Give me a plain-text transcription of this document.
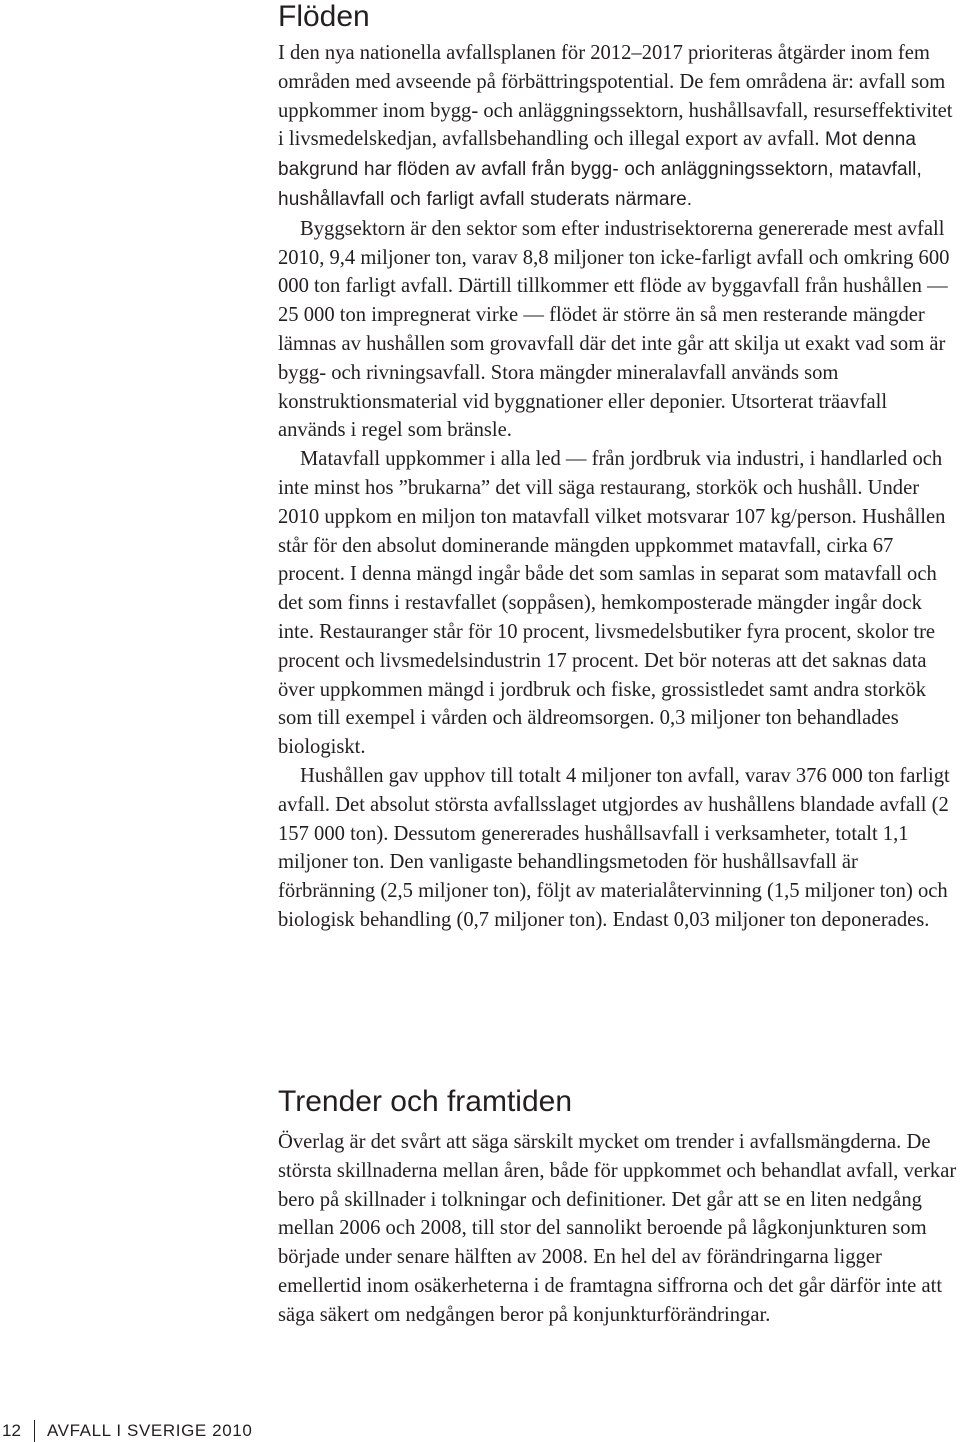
Flöden

I den nya nationella avfallsplanen för 2012–2017 prioriteras åtgärder inom fem områden med avseende på förbättringspotential. De fem områdena är: avfall som uppkommer inom bygg- och anläggningssektorn, hushållsavfall, resurseffektivitet i livsmedelskedjan, avfallsbehandling och illegal export av avfall. Mot denna bakgrund har flöden av avfall från bygg- och anläggningssektorn, matavfall, hushållavfall och farligt avfall studerats närmare.

Byggsektorn är den sektor som efter industrisektorerna genererade mest avfall 2010, 9,4 miljoner ton, varav 8,8 miljoner ton icke-farligt avfall och omkring 600 000 ton farligt avfall. Därtill tillkommer ett flöde av byggavfall från hushållen — 25 000 ton impregnerat virke — flödet är större än så men resterande mängder lämnas av hushållen som grovavfall där det inte går att skilja ut exakt vad som är bygg- och rivningsavfall. Stora mängder mineralavfall används som konstruktionsmaterial vid byggnationer eller deponier. Utsorterat träavfall används i regel som bränsle.

Matavfall uppkommer i alla led — från jordbruk via industri, i handlarled och inte minst hos ”brukarna” det vill säga restaurang, storkök och hushåll. Under 2010 uppkom en miljon ton matavfall vilket motsvarar 107 kg/person. Hushållen står för den absolut dominerande mängden uppkommet matavfall, cirka 67 procent. I denna mängd ingår både det som samlas in separat som matavfall och det som finns i restavfallet (soppåsen), hemkomposterade mängder ingår dock inte. Restauranger står för 10 procent, livsmedelsbutiker fyra procent, skolor tre procent och livsmedelsindustrin 17 procent. Det bör noteras att det saknas data över uppkommen mängd i jordbruk och fiske, grossistledet samt andra storkök som till exempel i vården och äldreomsorgen. 0,3 miljoner ton behandlades biologiskt.

Hushållen gav upphov till totalt 4 miljoner ton avfall, varav 376 000 ton farligt avfall. Det absolut största avfallsslaget utgjordes av hushållens blandade avfall (2 157 000 ton). Dessutom genererades hushållsavfall i verksamheter, totalt 1,1 miljoner ton. Den vanligaste behandlingsmetoden för hushållsavfall är förbränning (2,5 miljoner ton), följt av materialåtervinning (1,5 miljoner ton) och biologisk behandling (0,7 miljoner ton). Endast 0,03 miljoner ton deponerades.

Trender och framtiden

Överlag är det svårt att säga särskilt mycket om trender i avfallsmängderna. De största skillnaderna mellan åren, både för uppkommet och behandlat avfall, verkar bero på skillnader i tolkningar och definitioner. Det går att se en liten nedgång mellan 2006 och 2008, till stor del sannolikt beroende på lågkonjunkturen som började under senare hälften av 2008. En hel del av förändringarna ligger emellertid inom osäkerheterna i de framtagna siffrorna och det går därför inte att säga säkert om nedgången beror på konjunkturförändringar.

12 AVFALL I SVERIGE 2010
